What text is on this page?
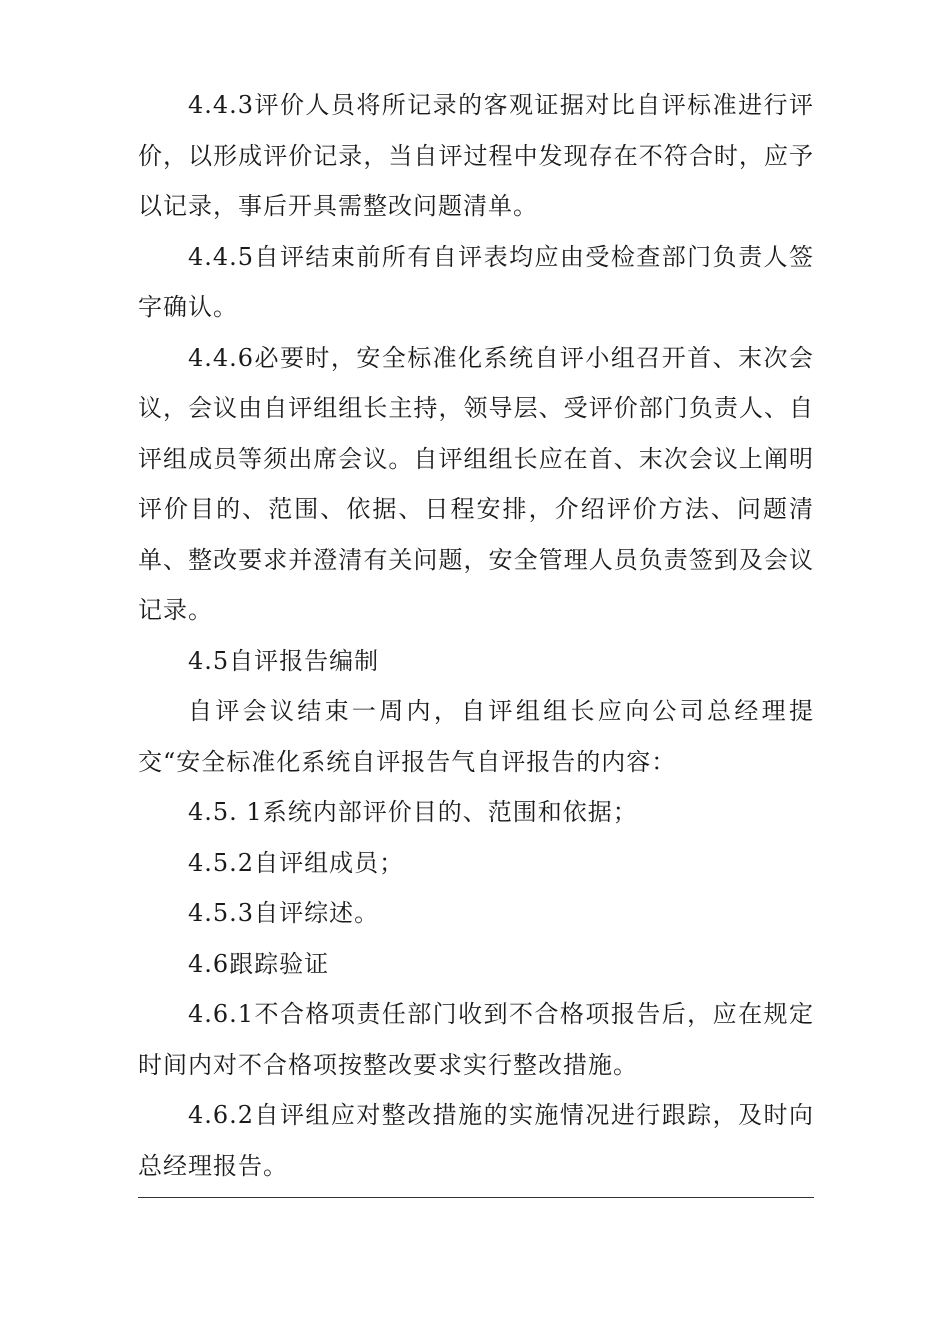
4.4.3评价人员将所记录的客观证据对比自评标准进行评价，以形成评价记录，当自评过程中发现存在不符合时，应予以记录，事后开具需整改问题清单。

4.4.5自评结束前所有自评表均应由受检查部门负责人签字确认。

4.4.6必要时，安全标准化系统自评小组召开首、末次会议，会议由自评组组长主持，领导层、受评价部门负责人、自评组成员等须出席会议。自评组组长应在首、末次会议上阐明评价目的、范围、依据、日程安排，介绍评价方法、问题清单、整改要求并澄清有关问题，安全管理人员负责签到及会议记录。

4.5自评报告编制

自评会议结束一周内，自评组组长应向公司总经理提交“安全标准化系统自评报告气自评报告的内容：

4.5. 1系统内部评价目的、范围和依据；

4.5.2自评组成员；

4.5.3自评综述。

4.6跟踪验证

4.6.1不合格项责任部门收到不合格项报告后，应在规定时间内对不合格项按整改要求实行整改措施。

4.6.2自评组应对整改措施的实施情况进行跟踪，及时向总经理报告。
